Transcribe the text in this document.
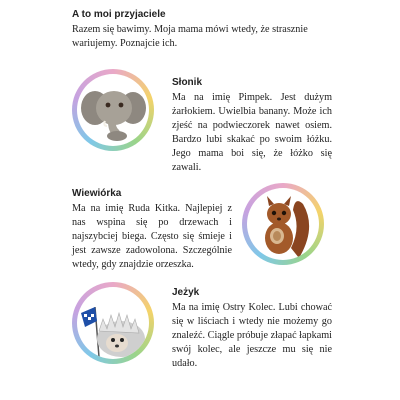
A to moi przyjaciele
Razem się bawimy. Moja mama mówi wtedy, że strasznie wariujemy. Poznajcie ich.
Słonik
Ma na imię Pimpek. Jest dużym żarłokiem. Uwielbia banany. Może ich zjeść na podwieczorek nawet osiem. Bardzo lubi skakać po swoim łóżku. Jego mama boi się, że łóżko się zawali.
Wiewiórka
Ma na imię Ruda Kitka. Najlepiej z nas wspina się po drzewach i najszybciej biega. Często się śmieje i jest zawsze zadowolona. Szczególnie wtedy, gdy znajdzie orzeszka.
Jeżyk
Ma na imię Ostry Kolec. Lubi chować się w liściach i wtedy nie możemy go znaleźć. Ciągle próbuje złapać łapkami swój kolec, ale jeszcze mu się nie udało.
